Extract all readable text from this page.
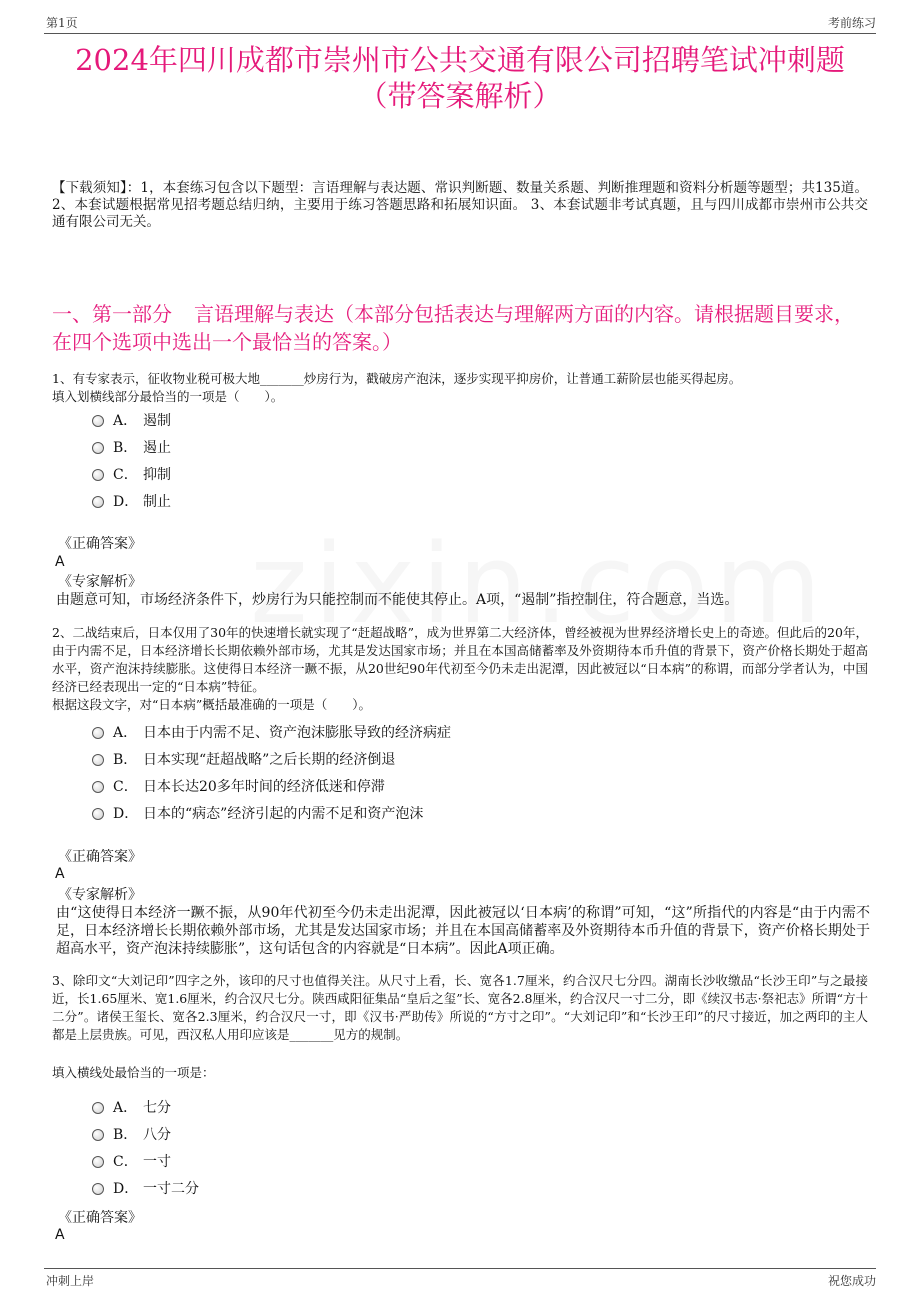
第1页	考前练习
2024年四川成都市崇州市公共交通有限公司招聘笔试冲刺题
（带答案解析）
【下载须知】：1，本套练习包含以下题型：言语理解与表达题、常识判断题、数量关系题、判断推理题和资料分析题等题型；共135道。 2、本套试题根据常见招考题总结归纳，主要用于练习答题思路和拓展知识面。 3、本套试题非考试真题，且与四川成都市崇州市公共交通有限公司无关。
一、第一部分 言语理解与表达（本部分包括表达与理解两方面的内容。请根据题目要求，在四个选项中选出一个最恰当的答案。）
1、有专家表示，征收物业税可极大地_______炒房行为，戳破房产泡沫，逐步实现平抑房价，让普通工薪阶层也能买得起房。
填入划横线部分最恰当的一项是（　　）。
A． 遏制
B． 遏止
C． 抑制
D． 制止
《正确答案》
A
《专家解析》
由题意可知，市场经济条件下，炒房行为只能控制而不能使其停止。A项，“遏制”指控制住，符合题意，当选。
2、二战结束后，日本仅用了30年的快速增长就实现了“赶超战略”，成为世界第二大经济体，曾经被视为世界经济增长史上的奇迹。但此后的20年，由于内需不足，日本经济增长长期依赖外部市场，尤其是发达国家市场；并且在本国高储蓄率及外资期待本币升值的背景下，资产价格长期处于超高水平，资产泡沫持续膨胀。这使得日本经济一蹶不振，从20世纪90年代初至今仍未走出泥潭，因此被冠以“日本病”的称谓，而部分学者认为，中国经济已经表现出一定的“日本病”特征。
根据这段文字，对“日本病”概括最准确的一项是（　　）。
A． 日本由于内需不足、资产泡沫膨胀导致的经济病症
B． 日本实现“赶超战略”之后长期的经济倒退
C． 日本长达20多年时间的经济低迷和停滞
D． 日本的“病态”经济引起的内需不足和资产泡沫
《正确答案》
A
《专家解析》
由“这使得日本经济一蹶不振，从90年代初至今仍未走出泥潭，因此被冠以‘日本病’的称谓”可知，“这”所指代的内容是“由于内需不足，日本经济增长长期依赖外部市场，尤其是发达国家市场；并且在本国高储蓄率及外资期待本币升值的背景下，资产价格长期处于超高水平，资产泡沫持续膨胀”，这句话包含的内容就是“日本病”。因此A项正确。
3、除印文“大刘记印”四字之外，该印的尺寸也值得关注。从尺寸上看，长、宽各1.7厘米，约合汉尺七分四。湖南长沙收缴品“长沙王印”与之最接近，长1.65厘米、宽1.6厘米，约合汉尺七分。陕西咸阳征集品“皇后之玺”长、宽各2.8厘米，约合汉尺一寸二分，即《续汉书志·祭祀志》所谓“方十二分”。诸侯王玺长、宽各2.3厘米，约合汉尺一寸，即《汉书·严助传》所说的“方寸之印”。“大刘记印”和“长沙王印”的尺寸接近，加之两印的主人都是上层贵族。可见，西汉私人用印应该是_______见方的规制。
填入横线处最恰当的一项是：
A． 七分
B． 八分
C． 一寸
D． 一寸二分
《正确答案》
A
冲刺上岸	祝您成功
